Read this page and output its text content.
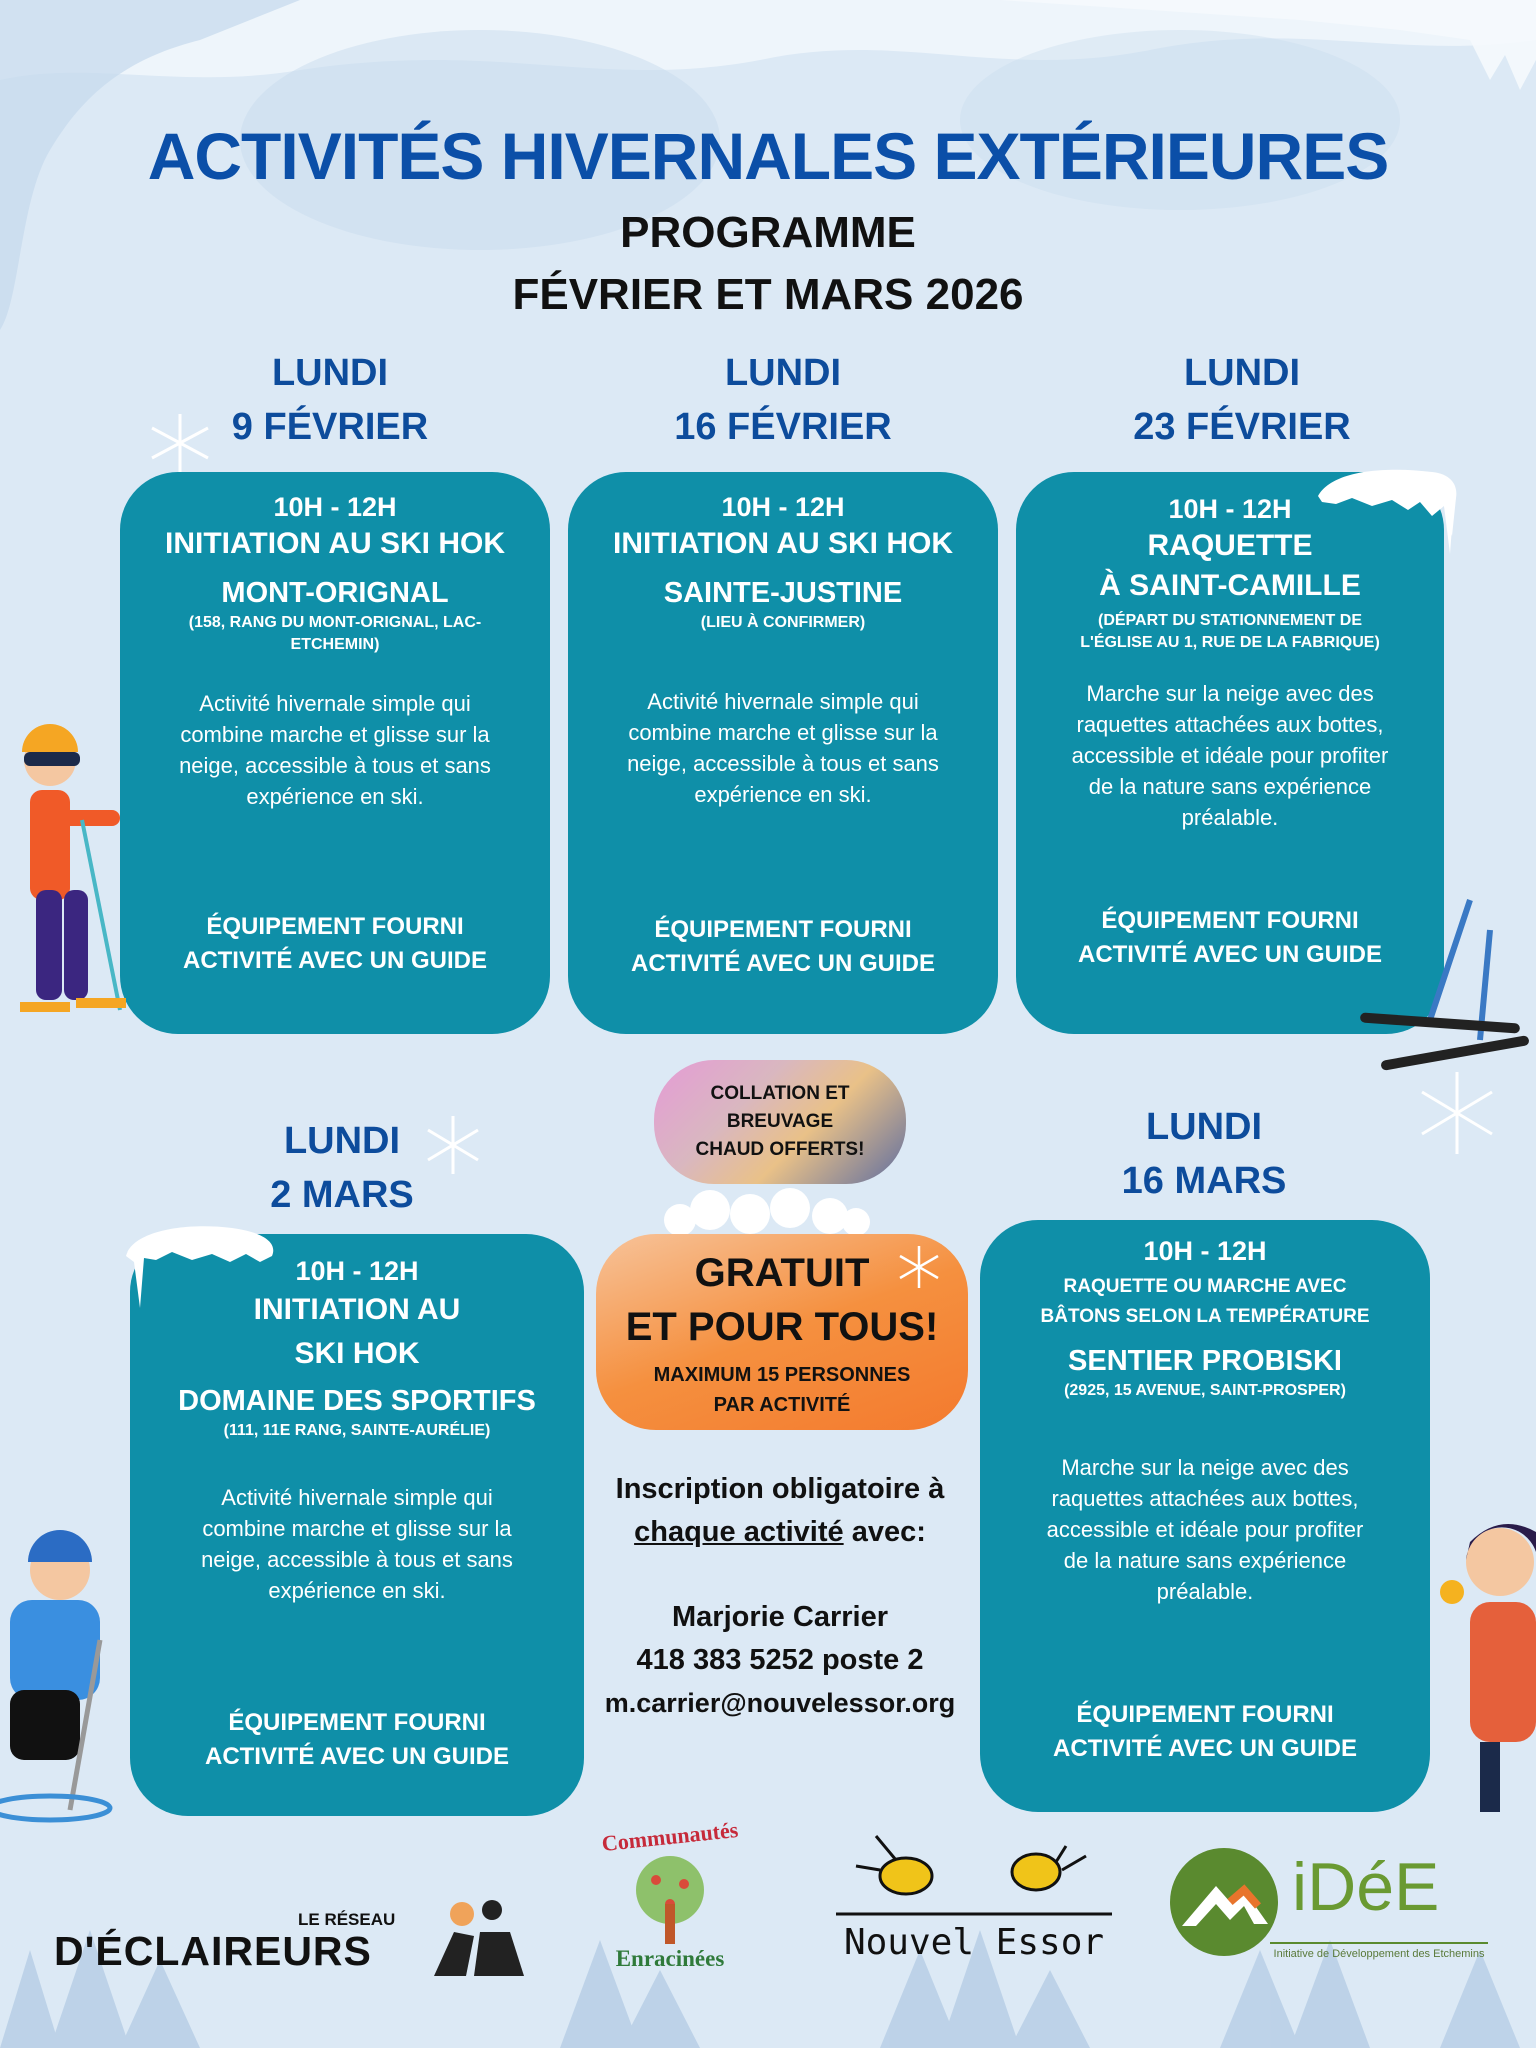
ACTIVITÉS HIVERNALES EXTÉRIEURES
PROGRAMME
FÉVRIER ET MARS 2026
LUNDI
9 FÉVRIER
LUNDI
16 FÉVRIER
LUNDI
23 FÉVRIER
LUNDI
2 MARS
LUNDI
16 MARS
10H - 12H
INITIATION AU SKI HOK
MONT-ORIGNAL
(158, RANG DU MONT-ORIGNAL, LAC-ETCHEMIN)
Activité hivernale simple qui combine marche et glisse sur la neige, accessible à tous et sans expérience en ski.
ÉQUIPEMENT FOURNI
ACTIVITÉ AVEC UN GUIDE
10H - 12H
INITIATION AU SKI HOK
SAINTE-JUSTINE
(LIEU À CONFIRMER)
Activité hivernale simple qui combine marche et glisse sur la neige, accessible à tous et sans expérience en ski.
ÉQUIPEMENT FOURNI
ACTIVITÉ AVEC UN GUIDE
10H - 12H
RAQUETTE
À SAINT-CAMILLE
(DÉPART DU STATIONNEMENT DE L'ÉGLISE AU 1, RUE DE LA FABRIQUE)
Marche sur la neige avec des raquettes attachées aux bottes, accessible et idéale pour profiter de la nature sans expérience préalable.
ÉQUIPEMENT FOURNI
ACTIVITÉ AVEC UN GUIDE
10H - 12H
INITIATION AU
SKI HOK
DOMAINE DES SPORTIFS
(111, 11E RANG, SAINTE-AURÉLIE)
Activité hivernale simple qui combine marche et glisse sur la neige, accessible à tous et sans expérience en ski.
ÉQUIPEMENT FOURNI
ACTIVITÉ AVEC UN GUIDE
10H - 12H
RAQUETTE OU MARCHE AVEC BÂTONS SELON LA TEMPÉRATURE
SENTIER PROBISKI
(2925, 15 AVENUE, SAINT-PROSPER)
Marche sur la neige avec des raquettes attachées aux bottes, accessible et idéale pour profiter de la nature sans expérience préalable.
ÉQUIPEMENT FOURNI
ACTIVITÉ AVEC UN GUIDE
COLLATION ET BREUVAGE CHAUD OFFERTS!
GRATUIT
ET POUR TOUS!
MAXIMUM 15 PERSONNES
PAR ACTIVITÉ
Inscription obligatoire à
chaque activité avec:
Marjorie Carrier
418 383 5252 poste 2
m.carrier@nouvelessor.org
LE RÉSEAU
D'ÉCLAIREURS
Communautés
Enracinées	Nouvel Essor
iDéE
Initiative de Développement des Etchemins
